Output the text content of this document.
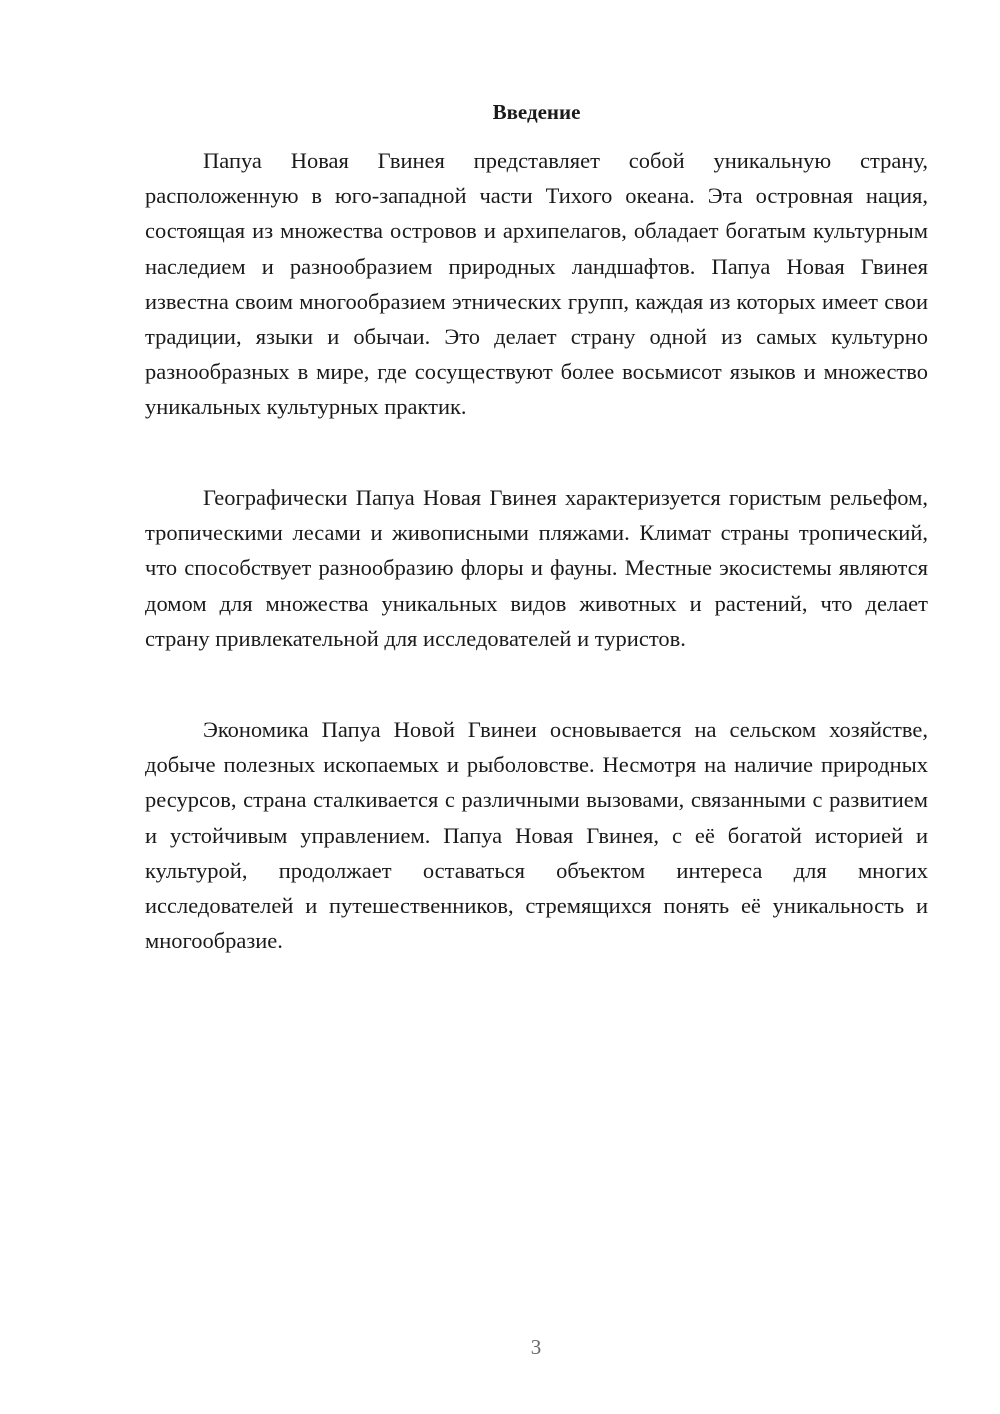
Введение

Папуа Новая Гвинея представляет собой уникальную страну, расположенную в юго-западной части Тихого океана. Эта островная нация, состоящая из множества островов и архипелагов, обладает богатым культурным наследием и разнообразием природных ландшафтов. Папуа Новая Гвинея известна своим многообразием этнических групп, каждая из которых имеет свои традиции, языки и обычаи. Это делает страну одной из самых культурно разнообразных в мире, где сосуществуют более восьмисот языков и множество уникальных культурных практик.

Географически Папуа Новая Гвинея характеризуется гористым рельефом, тропическими лесами и живописными пляжами. Климат страны тропический, что способствует разнообразию флоры и фауны. Местные экосистемы являются домом для множества уникальных видов животных и растений, что делает страну привлекательной для исследователей и туристов.

Экономика Папуа Новой Гвинеи основывается на сельском хозяйстве, добыче полезных ископаемых и рыболовстве. Несмотря на наличие природных ресурсов, страна сталкивается с различными вызовами, связанными с развитием и устойчивым управлением. Папуа Новая Гвинея, с её богатой историей и культурой, продолжает оставаться объектом интереса для многих исследователей и путешественников, стремящихся понять её уникальность и многообразие.

3
